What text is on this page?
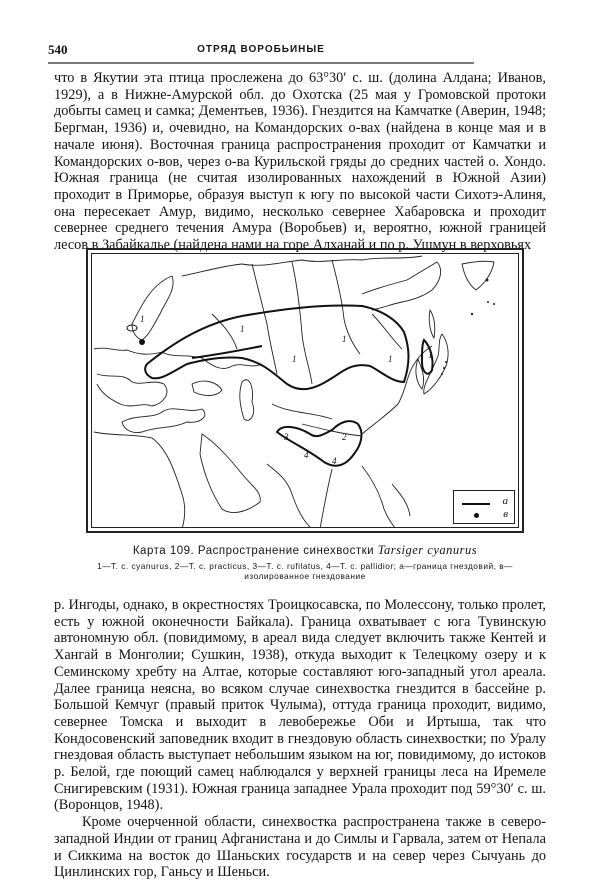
540	ОТРЯД ВОРОБЬИНЫЕ

что в Якутии эта птица прослежена до 63°30′ с. ш. (долина Алдана; Иванов, 1929), а в Нижне-Амурской обл. до Охотска (25 мая у Громовской протоки добыты самец и самка; Дементьев, 1936). Гнездится на Камчатке (Аверин, 1948; Бергман, 1936) и, очевидно, на Командорских о-вах (найдена в конце мая и в начале июня). Восточная граница распространения проходит от Камчатки и Командорских о-вов, через о-ва Курильской гряды до средних частей о. Хондо. Южная граница (не считая изолированных нахождений в Южной Азии) проходит в Приморье, образуя выступ к югу по высокой части Сихотэ-Алиня, она пересекает Амур, видимо, несколько севернее Хабаровска и проходит севернее среднего течения Амура (Воробьев) и, вероятно, южной границей лесов в Забайкалье (найдена нами на горе Алханай и по р. Ушмун в верховьях

1
1
1
1	1	1
2
3
4
4
а
в
Карта 109. Распространение синехвостки Tarsiger cyanurus
1—T. c. cyanurus, 2—T. c. practicus, 3—T. c. rufilatus, 4—T. c. pallidior; а—граница гнездовий, в—изолированное гнездование

р. Ингоды, однако, в окрестностях Троицкосавска, по Молессону, только пролет, есть у южной оконечности Байкала). Граница охватывает с юга Тувинскую автономную обл. (повидимому, в ареал вида следует включить также Кентей и Хангай в Монголии; Сушкин, 1938), откуда выходит к Телецкому озеру и к Семинскому хребту на Алтае, которые составляют юго-западный угол ареала. Далее граница неясна, во всяком случае синехвостка гнездится в бассейне р. Большой Кемчуг (правый приток Чулыма), оттуда граница проходит, видимо, севернее Томска и выходит в левобережье Оби и Иртыша, так что Кондосовенский заповедник входит в гнездовую область синехвостки; по Уралу гнездовая область выступает небольшим языком на юг, повидимому, до истоков р. Белой, где поющий самец наблюдался у верхней границы леса на Иремеле Снигиревским (1931). Южная граница западнее Урала проходит под 59°30′ с. ш. (Воронцов, 1948).

Кроме очерченной области, синехвостка распространена также в северо-западной Индии от границ Афганистана и до Симлы и Гарвала, затем от Непала и Сиккима на восток до Шаньских государств и на север через Сычуань до Цинлинских гор, Ганьсу и Шеньси.
